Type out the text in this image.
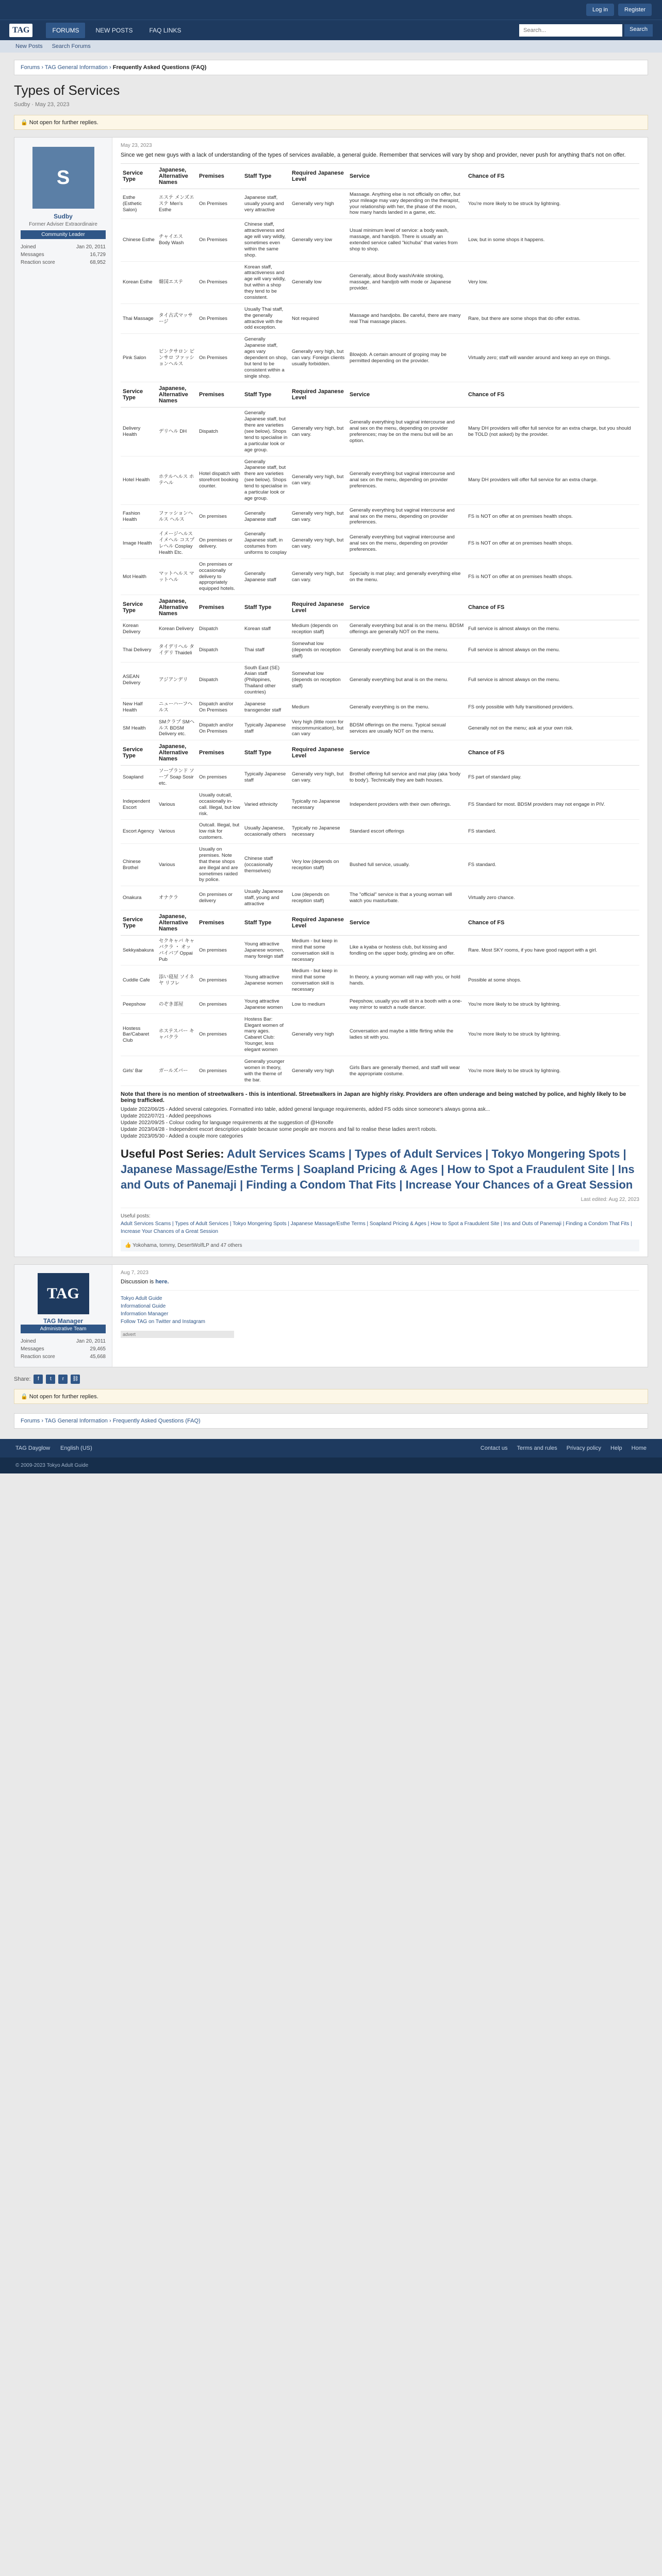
Log in	Register
TAG	FORUMS	NEW POSTS	FAQ LINKS
Search...	Search
New Posts Search Forums
Forums › TAG General Information › Frequently Asked Questions (FAQ)
Types of Services
Sudby · May 23, 2023
🔒 Not open for further replies.
S
Sudby
Former Adviser Extraordinaire
Community Leader
Joined	Jan 20, 2011
Messages	16,729
Reaction score	68,952
May 23, 2023
Since we get new guys with a lack of understanding of the types of services available, a general guide. Remember that services will vary by shop and provider, never push for anything that's not on offer.
Service Type	Japanese, Alternative Names	Premises	Staff Type	Required Japanese Level	Service	Chance of FS
Esthe (Esthetic Salon)	エステ メンズエステ Men's Esthe	On Premises	Japanese staff, usually young and very attractive	Generally very high	Massage. Anything else is not officially on offer, but your mileage may vary depending on the therapist, your relationship with her, the phase of the moon, how many hands landed in a game, etc.	You're more likely to be struck by lightning.
Chinese Esthe	チャイエス Body Wash	On Premises	Chinese staff, attractiveness and age will vary wildly, sometimes even within the same shop.	Generally very low	Usual minimum level of service: a body wash, massage, and handjob. There is usually an extended service called "kichuba" that varies from shop to shop.	Low, but in some shops it happens.
Korean Esthe	韓国エステ	On Premises	Korean staff, attractiveness and age will vary wildly, but within a shop they tend to be consistent.	Generally low	Generally, about Body wash/Ankle stroking, massage, and handjob with mode or Japanese provider.	Very low.
Thai Massage	タイ古式マッサージ	On Premises	Usually Thai staff, the generally attractive with the odd exception.	Not required	Massage and handjobs. Be careful, there are many real Thai massage places.	Rare, but there are some shops that do offer extras.
Pink Salon	ピンクサロン ピンサロ ファッションヘルス	On Premises	Generally Japanese staff, ages vary dependent on shop, but tend to be consistent within a single shop.	Generally very high, but can vary. Foreign clients usually forbidden.	Blowjob. A certain amount of groping may be permitted depending on the provider.	Virtually zero; staff will wander around and keep an eye on things.
Service Type	Japanese, Alternative Names	Premises	Staff Type	Required Japanese Level	Service	Chance of FS
Delivery Health	デリヘル DH	Dispatch	Generally Japanese staff, but there are varieties (see below). Shops tend to specialise in a particular look or age group.	Generally very high, but can vary.	Generally everything but vaginal intercourse and anal sex on the menu, depending on provider preferences; may be on the menu but will be an option.	Many DH providers will offer full service for an extra charge, but you should be TOLD (not asked) by the provider.
Hotel Health	ホテルヘルス ホテヘル	Hotel dispatch with storefront booking counter.	Generally Japanese staff, but there are varieties (see below). Shops tend to specialise in a particular look or age group.	Generally very high, but can vary.	Generally everything but vaginal intercourse and anal sex on the menu, depending on provider preferences.	Many DH providers will offer full service for an extra charge.
Fashion Health	ファッションヘルス ヘルス	On premises	Generally Japanese staff	Generally very high, but can vary.	Generally everything but vaginal intercourse and anal sex on the menu, depending on provider preferences.	FS is NOT on offer at on premises health shops.
Image Health	イメージヘルス イメヘル コスプレヘル Cosplay Health Etc.	On premises or delivery.	Generally Japanese staff, in costumes from uniforms to cosplay	Generally very high, but can vary.	Generally everything but vaginal intercourse and anal sex on the menu, depending on provider preferences.	FS is NOT on offer at on premises health shops.
Mot Health	マットヘルス マットヘル	On premises or occasionally delivery to appropriately equipped hotels.	Generally Japanese staff	Generally very high, but can vary.	Specialty is mat play; and generally everything else on the menu.	FS is NOT on offer at on premises health shops.
Service Type	Japanese, Alternative Names	Premises	Staff Type	Required Japanese Level	Service	Chance of FS
Korean Delivery	Korean Delivery	Dispatch	Korean staff	Medium (depends on reception staff)	Generally everything but anal is on the menu. BDSM offerings are generally NOT on the menu.	Full service is almost always on the menu.
Thai Delivery	タイデリヘル タイデリ Thaideli	Dispatch	Thai staff	Somewhat low (depends on reception staff)	Generally everything but anal is on the menu.	Full service is almost always on the menu.
ASEAN Delivery	アジアンデリ	Dispatch	South East (SE) Asian staff (Philippines, Thailand other countries)	Somewhat low (depends on reception staff)	Generally everything but anal is on the menu.	Full service is almost always on the menu.
New Half Health	ニューハーフヘルス	Dispatch and/or On Premises	Japanese transgender staff	Medium	Generally everything is on the menu.	FS only possible with fully transitioned providers.
SM Health	SMクラブ SMヘルス BDSM Delivery etc.	Dispatch and/or On Premises	Typically Japanese staff	Very high (little room for miscommunication), but can vary	BDSM offerings on the menu. Typical sexual services are usually NOT on the menu.	Generally not on the menu; ask at your own risk.
Service Type	Japanese, Alternative Names	Premises	Staff Type	Required Japanese Level	Service	Chance of FS
Soapland	ソープランド ソープ Soap Sosir etc.	On premises	Typically Japanese staff	Generally very high, but can vary.	Brothel offering full service and mat play (aka 'body to body'). Technically they are bath houses.	FS part of standard play.
Independent Escort	Various	Usually outcall, occasionally in-call. Illegal, but low risk.	Varied ethnicity	Typically no Japanese necessary	Independent providers with their own offerings.	FS Standard for most. BDSM providers may not engage in PIV.
Escort Agency	Various	Outcall. Illegal, but low risk for customers.	Usually Japanese, occasionally others	Typically no Japanese necessary	Standard escort offerings	FS standard.
Chinese Brothel	Various	Usually on premises. Note that these shops are illegal and are sometimes raided by police.	Chinese staff (occasionally themselves)	Very low (depends on reception staff)	Bushed full service, usually.	FS standard.
Onakura	オナクラ	On premises or delivery	Usually Japanese staff, young and attractive	Low (depends on reception staff)	The "official" service is that a young woman will watch you masturbate.	Virtually zero chance.
Service Type	Japanese, Alternative Names	Premises	Staff Type	Required Japanese Level	Service	Chance of FS
Sekkyabakura	セクキャバ キャバクラ ・ オッパイパブ Oppai Pub	On premises	Young attractive Japanese women, many foreign staff	Medium - but keep in mind that some conversation skill is necessary	Like a kyaba or hostess club, but kissing and fondling on the upper body, grinding are on offer.	Rare. Most SKY rooms, if you have good rapport with a girl.
Cuddle Cafe	添い寝屋 ソイネヤ リフレ	On premises	Young attractive Japanese women	Medium - but keep in mind that some conversation skill is necessary	In theory, a young woman will nap with you, or hold hands.	Possible at some shops.
Peepshow	のぞき部屋	On premises	Young attractive Japanese women	Low to medium	Peepshow, usually you will sit in a booth with a one-way mirror to watch a nude dancer.	You're more likely to be struck by lightning.
Hostess Bar/Cabaret Club	ホステスバー キャバクラ	On premises	Hostess Bar: Elegant women of many ages. Cabaret Club: Younger, less elegant women	Generally very high	Conversation and maybe a little flirting while the ladies sit with you.	You're more likely to be struck by lightning.
Girls' Bar	ガールズバー	On premises	Generally younger women in theory, with the theme of the bar.	Generally very high	Girls Bars are generally themed, and staff will wear the appropriate costume.	You're more likely to be struck by lightning.
Note that there is no mention of streetwalkers - this is intentional. Streetwalkers in Japan are highly risky. Providers are often underage and being watched by police, and highly likely to be being trafficked.
Update 2022/06/25 - Added several categories. Formatted into table, added general language requirements, added FS odds since someone's always gonna ask...
Update 2022/07/21 - Added peepshows
Update 2022/09/25 - Colour coding for language requirements at the suggestion of @Honolfe
Update 2023/04/28 - Independent escort description update because some people are morons and fail to realise these ladies aren't robots.
Update 2023/05/30 - Added a couple more categories
Useful Post Series: Adult Services Scams | Types of Adult Services | Tokyo Mongering Spots | Japanese Massage/Esthe Terms | Soapland Pricing & Ages | How to Spot a Fraudulent Site | Ins and Outs of Panemaji | Finding a Condom That Fits | Increase Your Chances of a Great Session
Last edited: Aug 22, 2023
Useful posts:
Adult Services Scams | Types of Adult Services | Tokyo Mongering Spots | Japanese Massage/Esthe Terms | Soapland Pricing & Ages | How to Spot a Fraudulent Site | Ins and Outs of Panemaji | Finding a Condom That Fits | Increase Your Chances of a Great Session
👍 Yokohama, tommy, DesertWolfLP and 47 others
TAG
TAG Manager
Administrative Team
Joined	Jan 20, 2011
Messages	29,465
Reaction score	45,668
Aug 7, 2023
Discussion is here.
Tokyo Adult Guide
Informational Guide
Information Manager
Follow TAG on Twitter and Instagram
advert
Share:	f	t	r	⛓
🔒 Not open for further replies.
Forums › TAG General Information › Frequently Asked Questions (FAQ)
TAG Dayglow English (US)	Contact us Terms and rules Privacy policy Help Home
© 2009-2023 Tokyo Adult Guide
